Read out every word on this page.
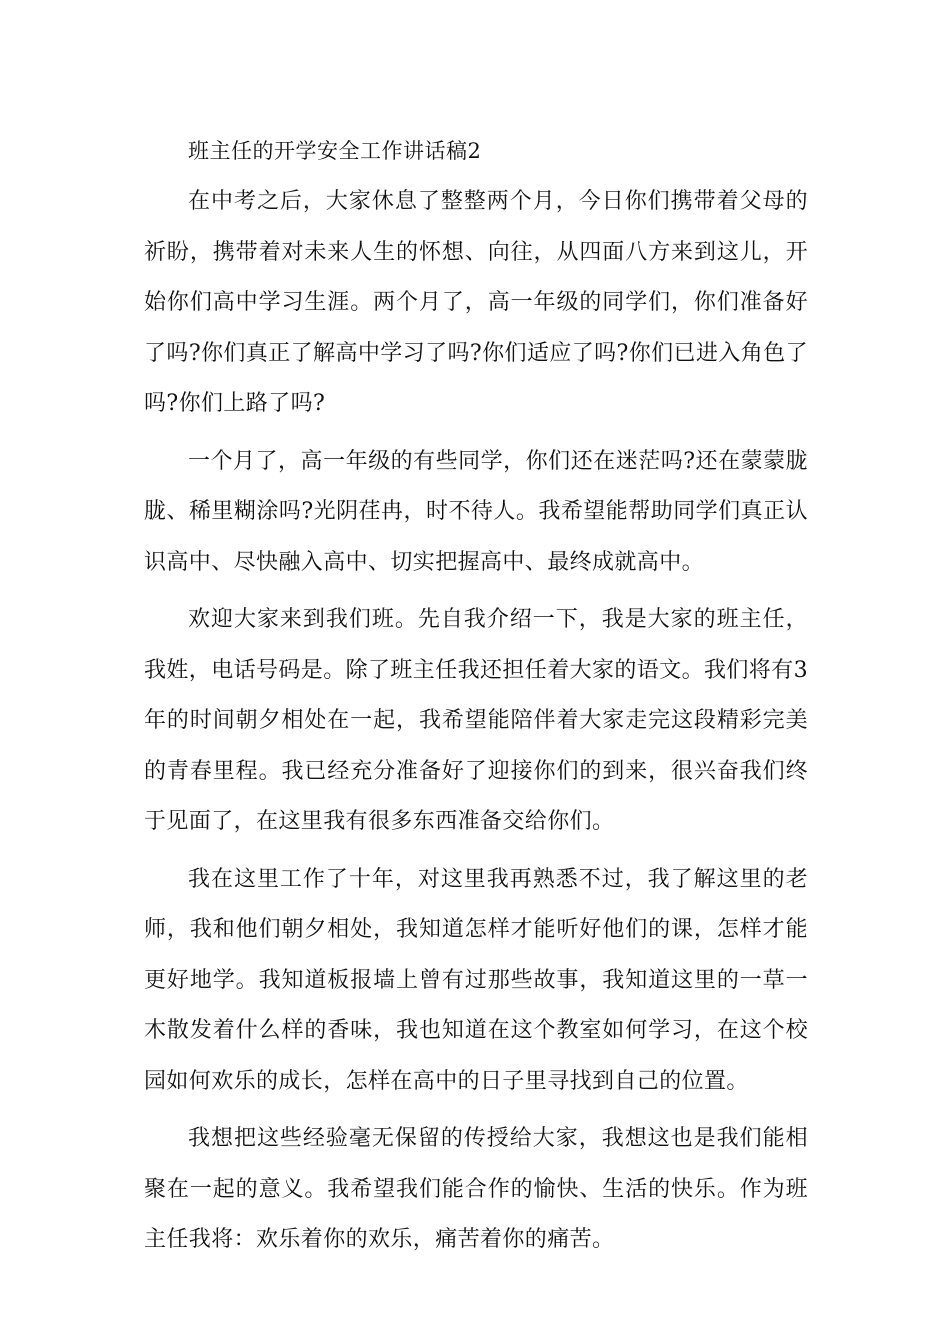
班主任的开学安全工作讲话稿2

在中考之后，大家休息了整整两个月，今日你们携带着父母的祈盼，携带着对未来人生的怀想、向往，从四面八方来到这儿，开始你们高中学习生涯。两个月了，高一年级的同学们，你们准备好了吗?你们真正了解高中学习了吗?你们适应了吗?你们已进入角色了吗?你们上路了吗?

一个月了，高一年级的有些同学，你们还在迷茫吗?还在蒙蒙胧胧、稀里糊涂吗?光阴荏冉，时不待人。我希望能帮助同学们真正认识高中、尽快融入高中、切实把握高中、最终成就高中。

欢迎大家来到我们班。先自我介绍一下，我是大家的班主任，我姓，电话号码是。除了班主任我还担任着大家的语文。我们将有3年的时间朝夕相处在一起，我希望能陪伴着大家走完这段精彩完美的青春里程。我已经充分准备好了迎接你们的到来，很兴奋我们终于见面了，在这里我有很多东西准备交给你们。

我在这里工作了十年，对这里我再熟悉不过，我了解这里的老师，我和他们朝夕相处，我知道怎样才能听好他们的课，怎样才能更好地学。我知道板报墙上曾有过那些故事，我知道这里的一草一木散发着什么样的香味，我也知道在这个教室如何学习，在这个校园如何欢乐的成长，怎样在高中的日子里寻找到自己的位置。

我想把这些经验毫无保留的传授给大家，我想这也是我们能相聚在一起的意义。我希望我们能合作的愉快、生活的快乐。作为班主任我将：欢乐着你的欢乐，痛苦着你的痛苦。
